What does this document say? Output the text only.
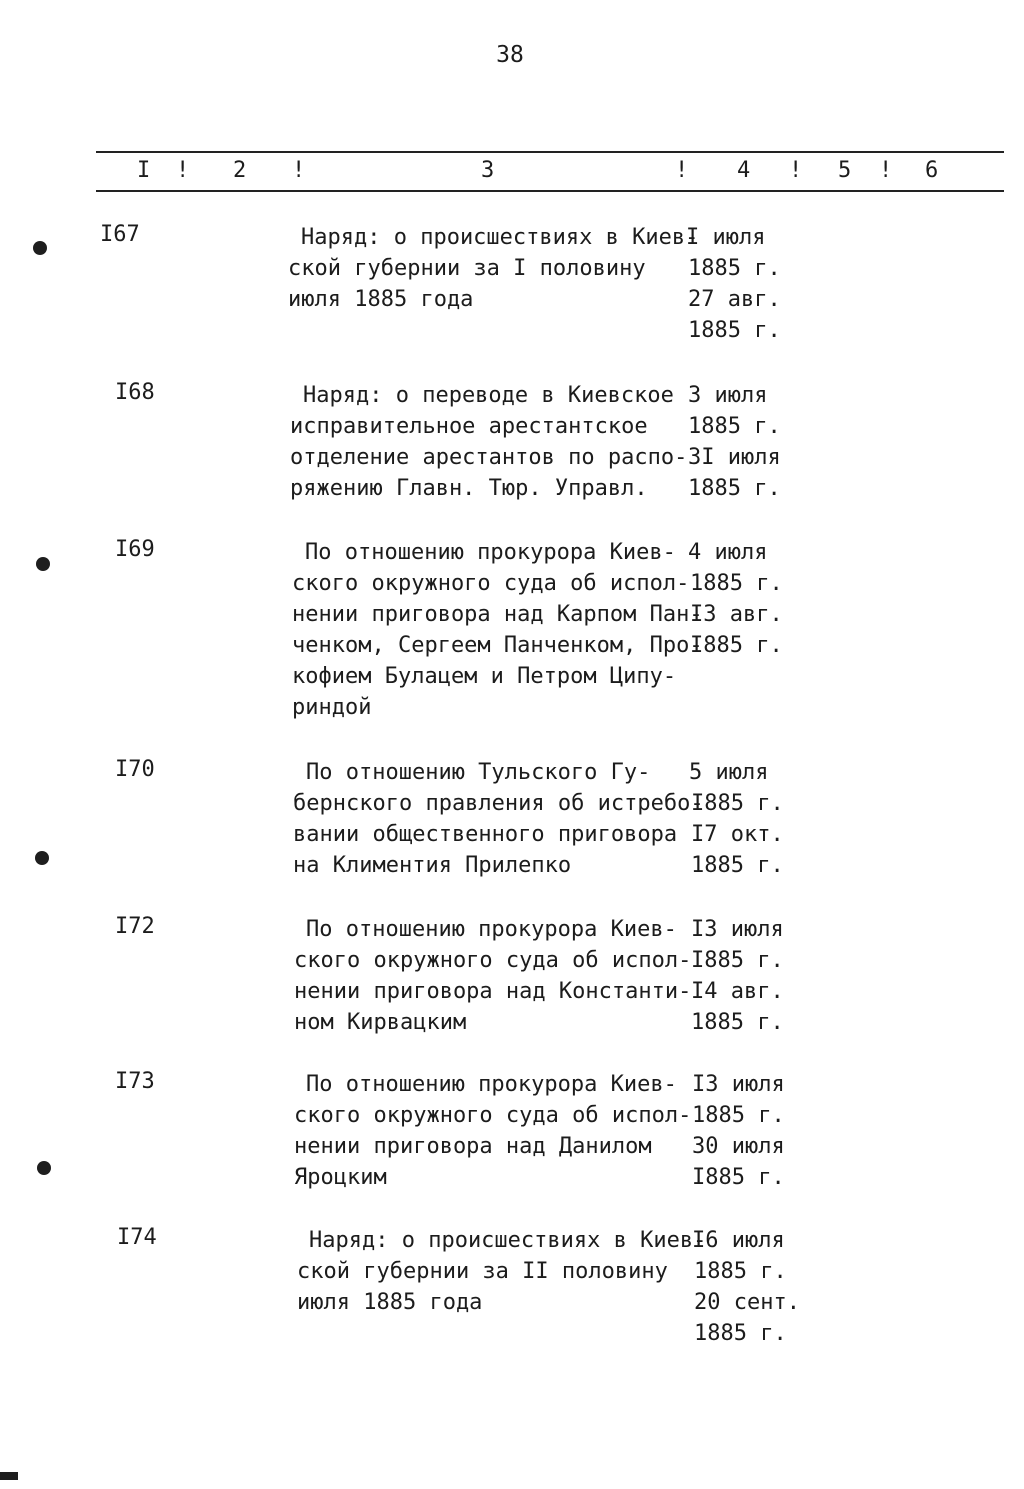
38
I ! 2 !	3	! 4 ! 5 ! 6
I67	Наряд: о происшествиях в Киев-
ской губернии за I половину
июля 1885 года
I июля
1885 г.
27 авг.
1885 г.
I68	Наряд: о переводе в Киевское
исправительное арестантское
отделение арестантов по распо-
ряжению Главн. Тюр. Управл.
3 июля
1885 г.
3I июля
1885 г.
I69	По отношению прокурора Киев-
ского окружного суда об испол-
нении приговора над Карпом Пан-
ченком, Сергеем Панченком, Про-
кофием Булацем и Петром Ципу-
риндой
4 июля
1885 г.
I3 авг.
I885 г.
I70	По отношению Тульского Гу-
бернского правления об истребо-
вании общественного приговора
на Климентия Прилепко
5 июля
I885 г.
I7 окт.
1885 г.
I72	По отношению прокурора Киев-
ского окружного суда об испол-
нении приговора над Константи-
ном Кирвацким
I3 июля
I885 г.
I4 авг.
1885 г.
I73	По отношению прокурора Киев-
ского окружного суда об испол-
нении приговора над Данилом
Яроцким
I3 июля
1885 г.
30 июля
I885 г.
I74	Наряд: о происшествиях в Киев-
ской губернии за II половину
июля 1885 года
I6 июля
1885 г.
20 сент.
1885 г.
